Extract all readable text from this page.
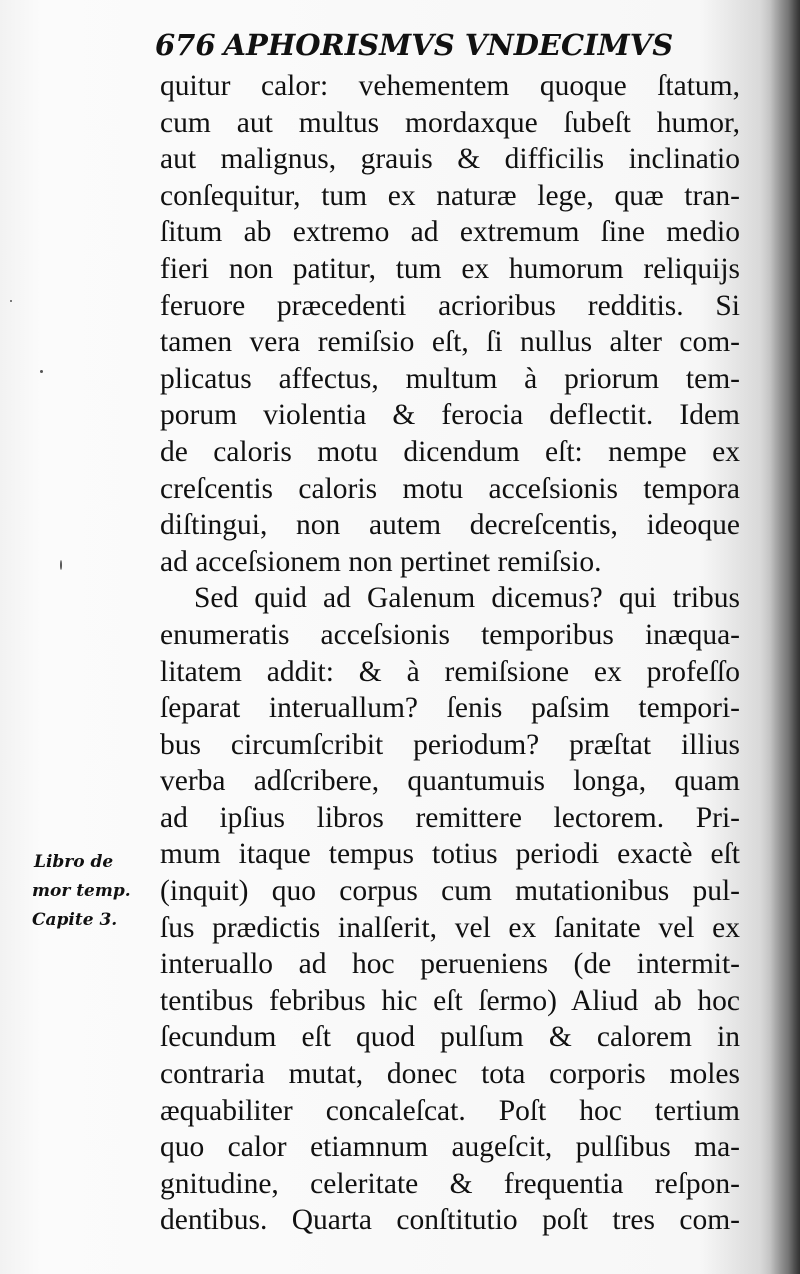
676 APHORISMVS VNDECIMVS
quitur calor: vehementem quoque ſtatum,
cum aut multus mordaxque ſubeſt humor,
aut malignus, grauis & difficilis inclinatio
conſequitur, tum ex naturæ lege, quæ tran-
ſitum ab extremo ad extremum ſine medio
fieri non patitur, tum ex humorum reliquijs
feruore præcedenti acrioribus redditis. Si
tamen vera remiſsio eſt, ſi nullus alter com-
plicatus affectus, multum à priorum tem-
porum violentia & ferocia deflectit. Idem
de caloris motu dicendum eſt: nempe ex
creſcentis caloris motu acceſsionis tempora
diſtingui, non autem decreſcentis, ideoque
ad acceſsionem non pertinet remiſsio.
Sed quid ad Galenum dicemus? qui tribus
enumeratis acceſsionis temporibus inæqua-
litatem addit: & à remiſsione ex profeſſo
ſeparat interuallum? ſenis paſsim tempori-
bus circumſcribit periodum? præſtat illius
verba adſcribere, quantumuis longa, quam
ad ipſius libros remittere lectorem. Pri-
mum itaque tempus totius periodi exactè eſt
(inquit) quo corpus cum mutationibus pul-
ſus prædictis inalſerit, vel ex ſanitate vel ex
interuallo ad hoc perueniens (de intermit-
tentibus febribus hic eſt ſermo) Aliud ab hoc
ſecundum eſt quod pulſum & calorem in
contraria mutat, donec tota corporis moles
æquabiliter concaleſcat. Poſt hoc tertium
quo calor etiamnum augeſcit, pulſibus ma-
gnitudine, celeritate & frequentia reſpon-
dentibus. Quarta conſtitutio poſt tres com-
Libro de
mor temp.
Capite 3.
